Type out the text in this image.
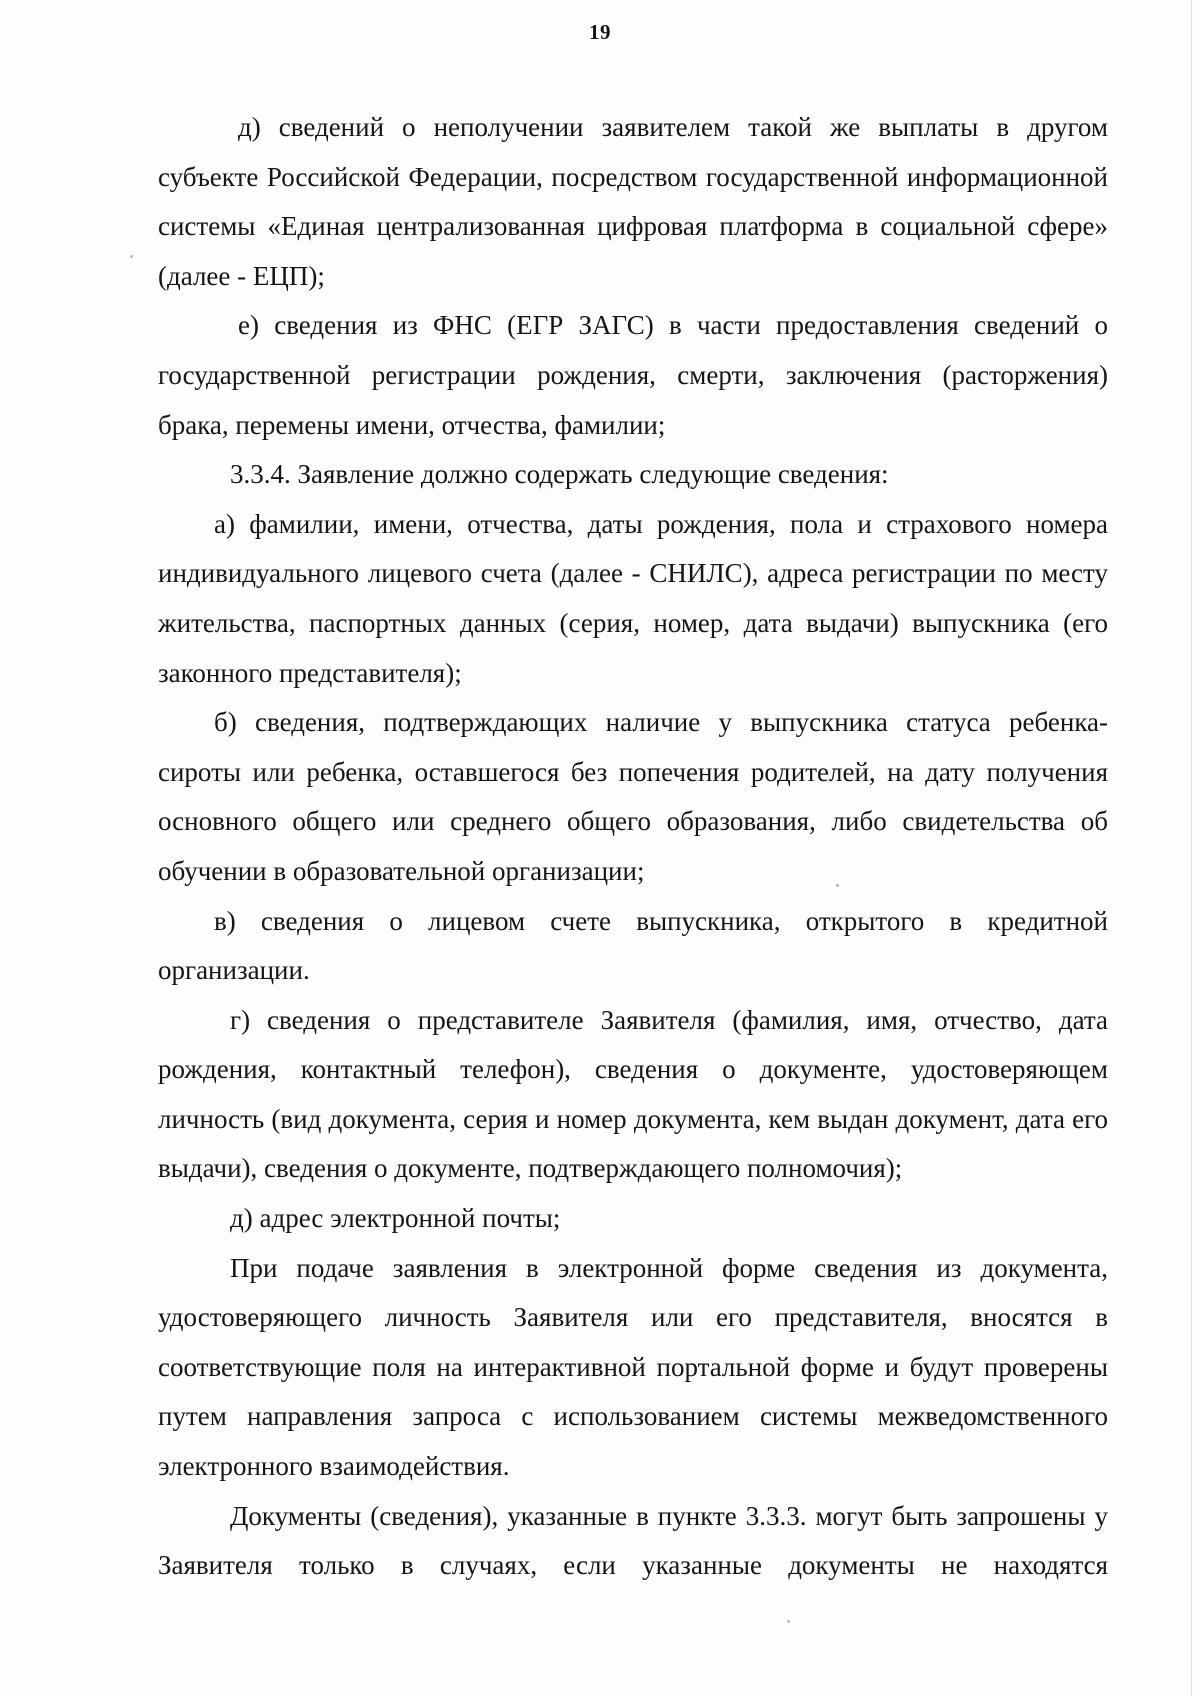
19

д) сведений о неполучении заявителем такой же выплаты в другом субъекте Российской Федерации, посредством государственной информационной системы «Единая централизованная цифровая платформа в социальной сфере» (далее - ЕЦП);

е) сведения из ФНС (ЕГР ЗАГС) в части предоставления сведений о государственной регистрации рождения, смерти, заключения (расторжения) брака, перемены имени, отчества, фамилии;

3.3.4. Заявление должно содержать следующие сведения:

а) фамилии, имени, отчества, даты рождения, пола и страхового номера индивидуального лицевого счета (далее - СНИЛС), адреса регистрации по месту жительства, паспортных данных (серия, номер, дата выдачи) выпускника (его законного представителя);

б) сведения, подтверждающих наличие у выпускника статуса ребенка-сироты или ребенка, оставшегося без попечения родителей, на дату получения основного общего или среднего общего образования, либо свидетельства об обучении в образовательной организации;

в) сведения о лицевом счете выпускника, открытого в кредитной организации.

г) сведения о представителе Заявителя (фамилия, имя, отчество, дата рождения, контактный телефон), сведения о документе, удостоверяющем личность (вид документа, серия и номер документа, кем выдан документ, дата его выдачи), сведения о документе, подтверждающего полномочия);

д) адрес электронной почты;

При подаче заявления в электронной форме сведения из документа, удостоверяющего личность Заявителя или его представителя, вносятся в соответствующие поля на интерактивной портальной форме и будут проверены путем направления запроса с использованием системы межведомственного электронного взаимодействия.

Документы (сведения), указанные в пункте 3.3.3. могут быть запрошены у Заявителя только в случаях, если указанные документы не находятся
